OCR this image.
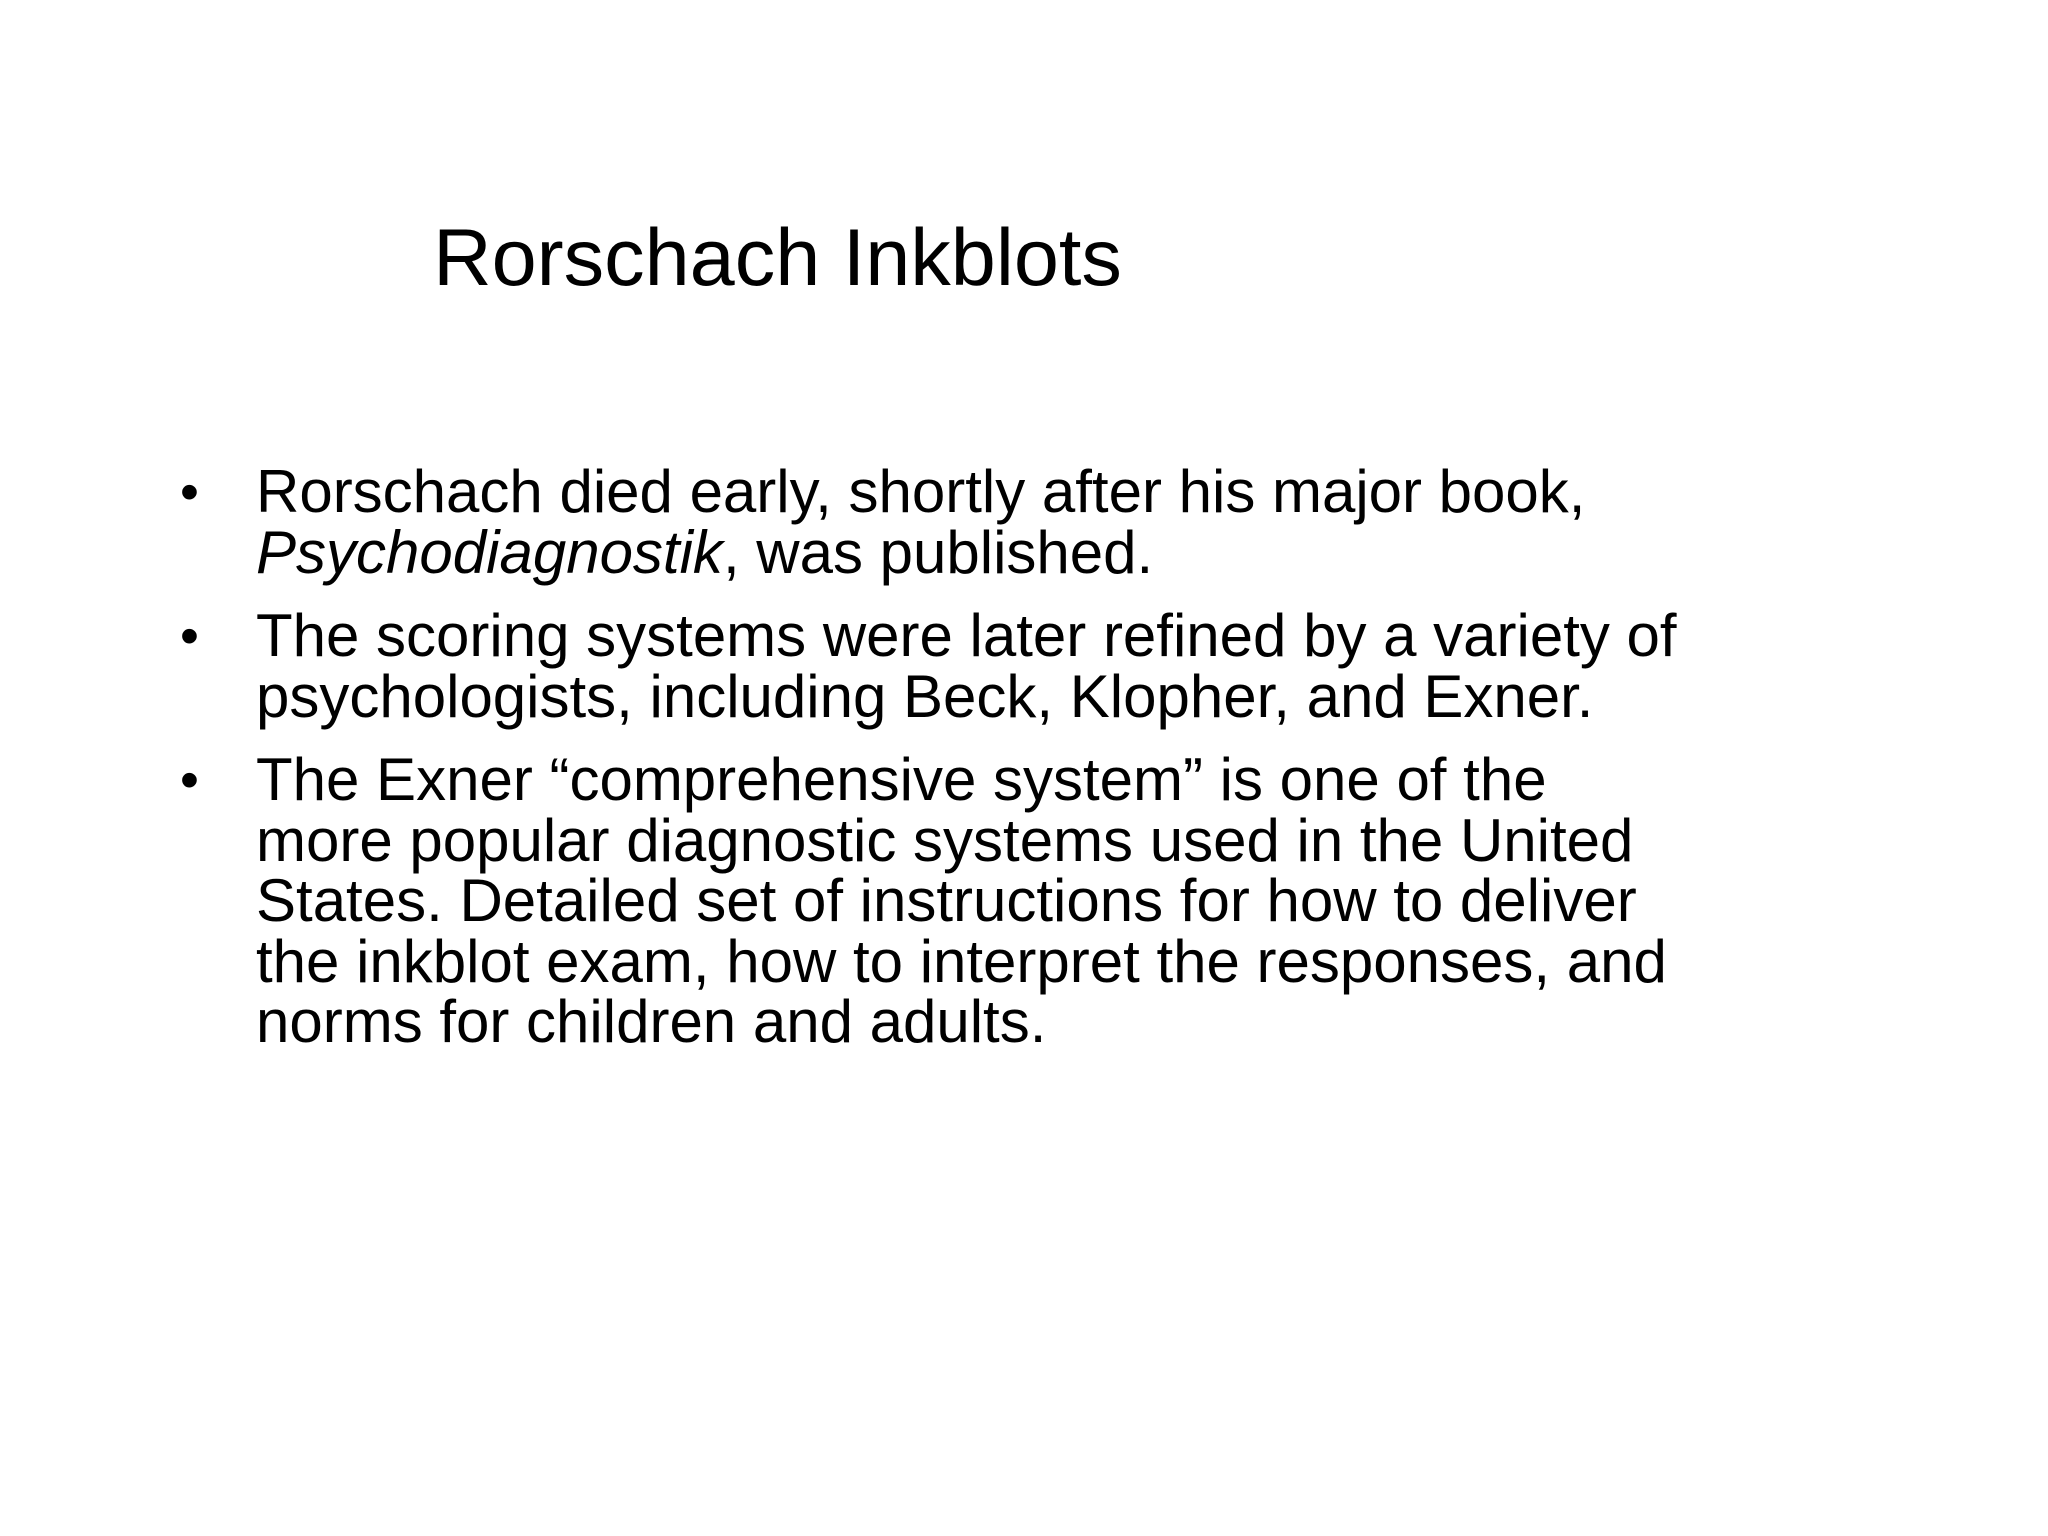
Rorschach Inkblots
• Rorschach died early, shortly after his major book,
Psychodiagnostik, was published.
• The scoring systems were later refined by a variety of
psychologists, including Beck, Klopher, and Exner.
• The Exner “comprehensive system” is one of the
more popular diagnostic systems used in the United
States. Detailed set of instructions for how to deliver
the inkblot exam, how to interpret the responses, and
norms for children and adults.
